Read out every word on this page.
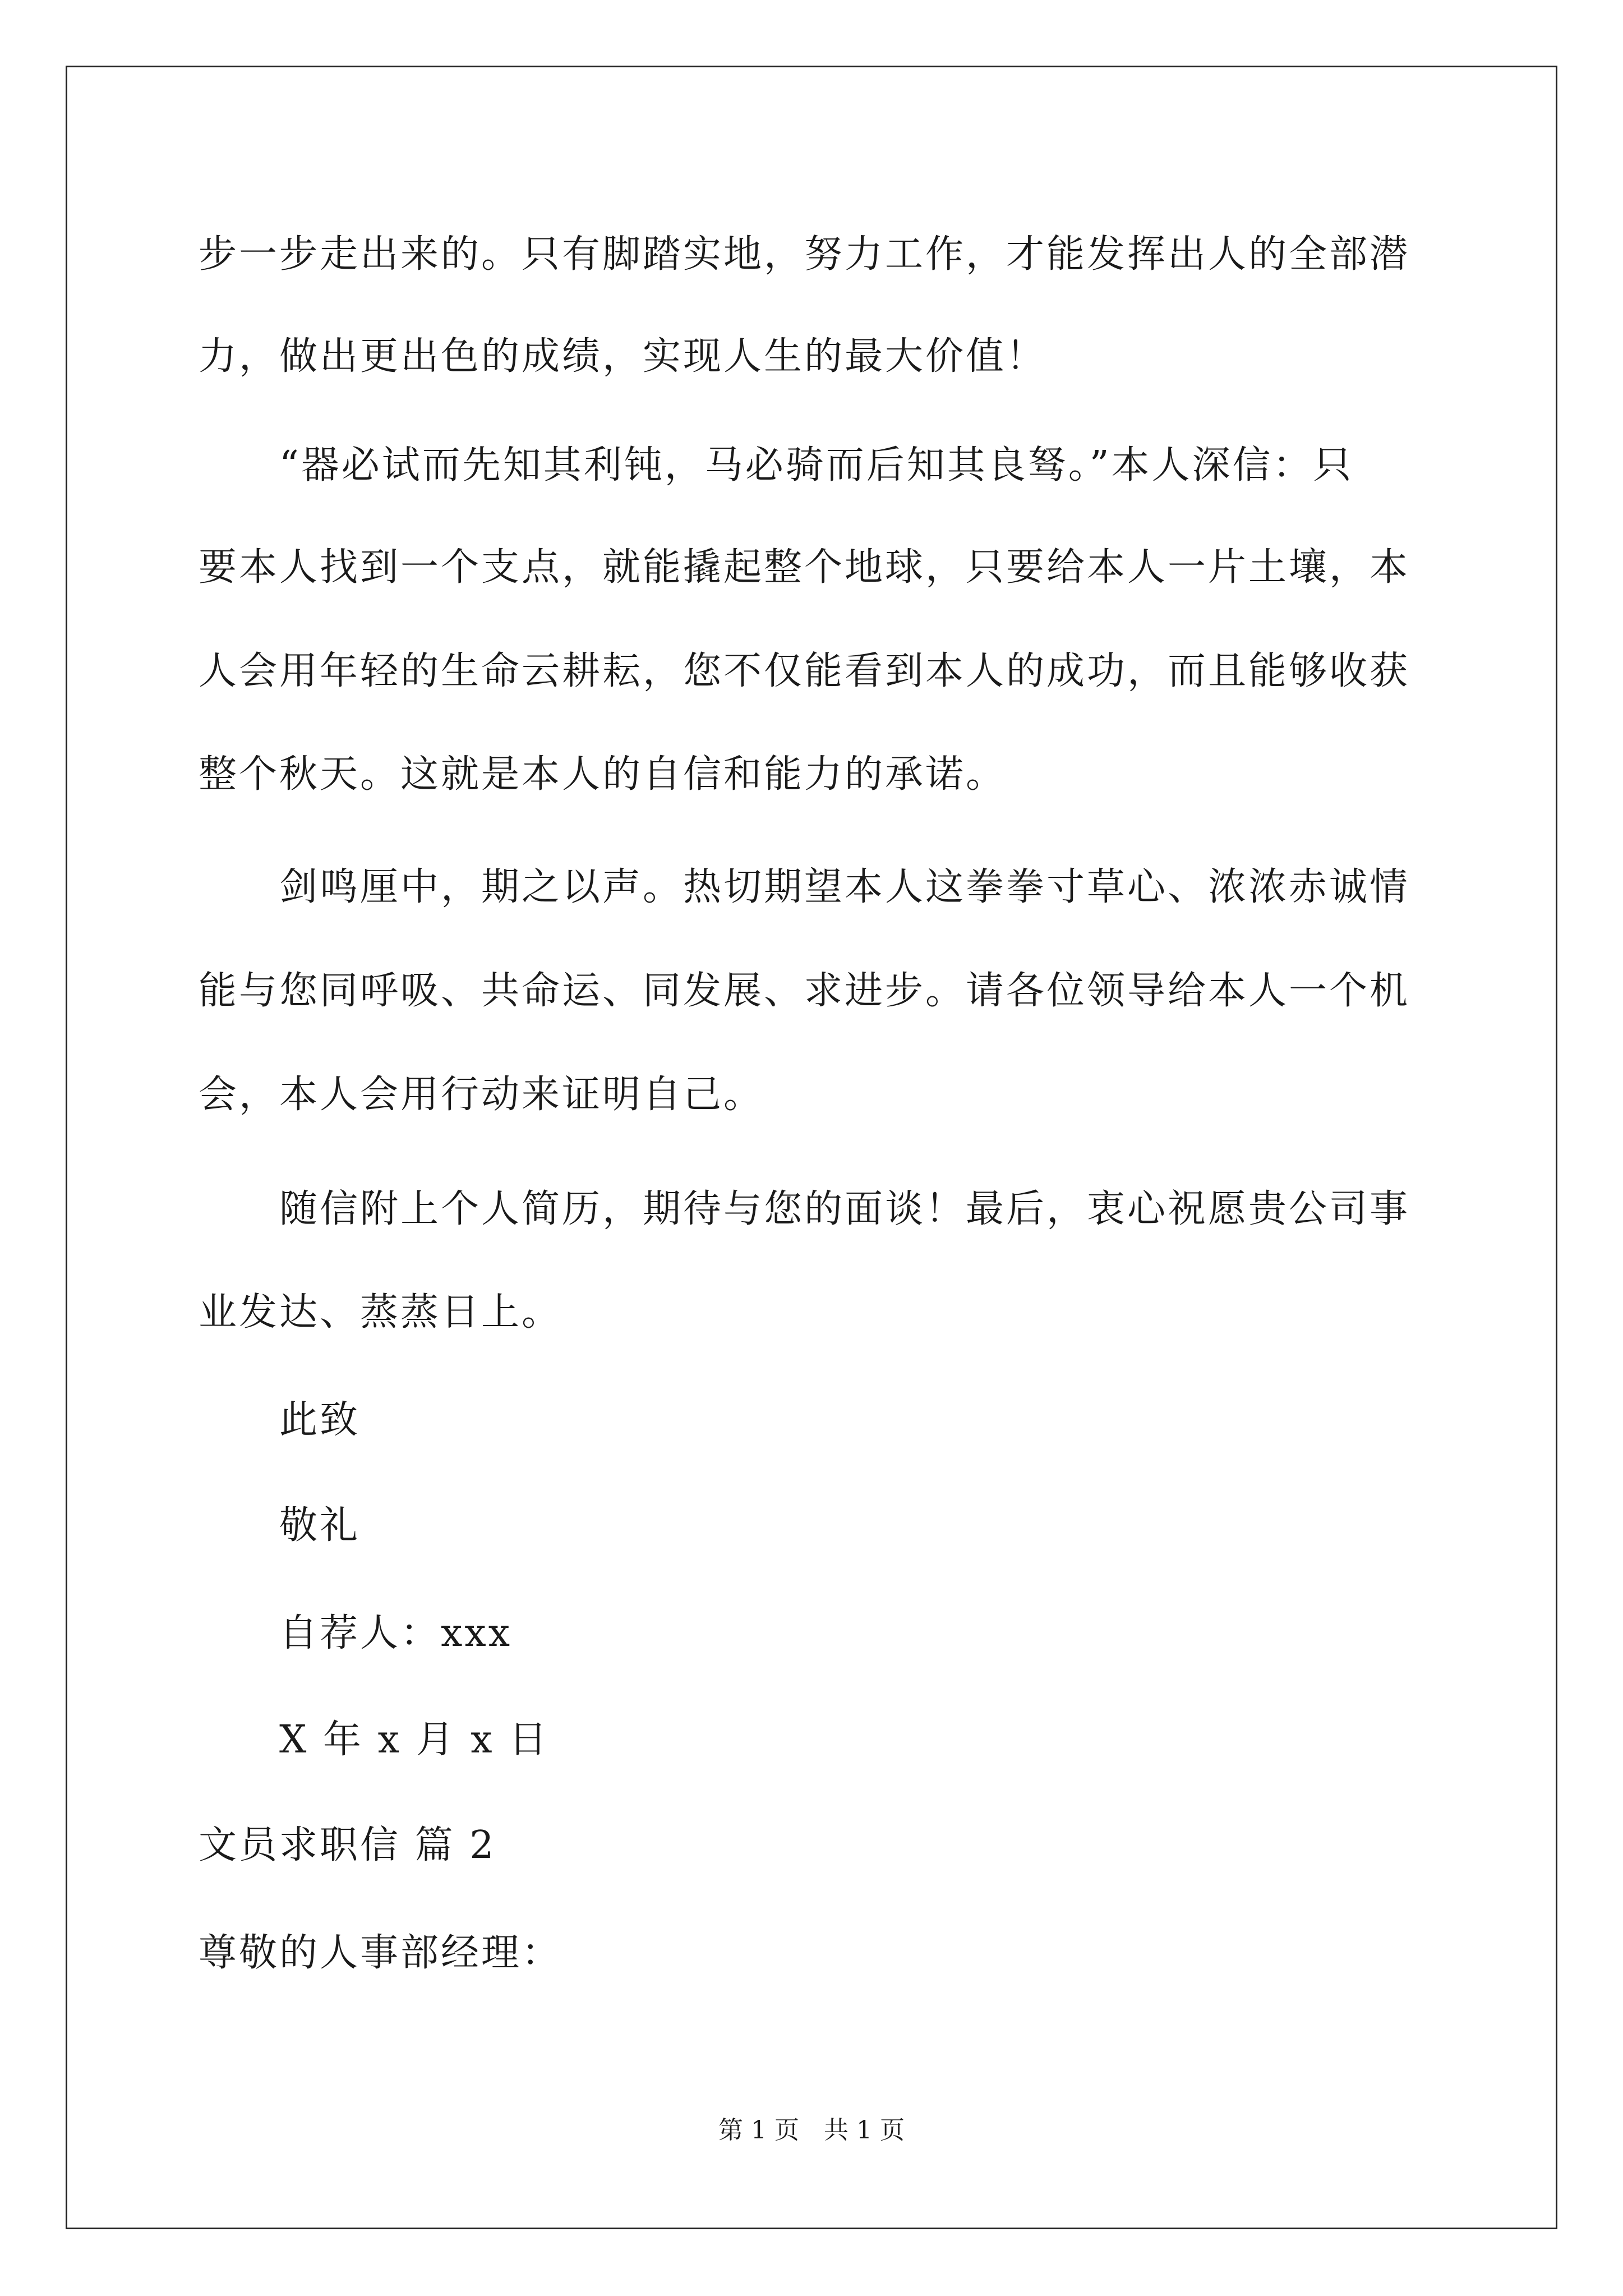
步一步走出来的。只有脚踏实地，努力工作，才能发挥出人的全部潜
力，做出更出色的成绩，实现人生的最大价值！
　　“器必试而先知其利钝，马必骑而后知其良驽。”本人深信：只
要本人找到一个支点，就能撬起整个地球，只要给本人一片土壤，本
人会用年轻的生命云耕耘，您不仅能看到本人的成功，而且能够收获
整个秋天。这就是本人的自信和能力的承诺。
　　剑鸣厘中，期之以声。热切期望本人这拳拳寸草心、浓浓赤诚情
能与您同呼吸、共命运、同发展、求进步。请各位领导给本人一个机
会，本人会用行动来证明自己。
　　随信附上个人简历，期待与您的面谈！最后，衷心祝愿贵公司事
业发达、蒸蒸日上。
　　此致
　　敬礼
　　自荐人：xxx
　　X 年 x 月 x 日
文员求职信 篇 2
尊敬的人事部经理：
第 1 页　共 1 页
